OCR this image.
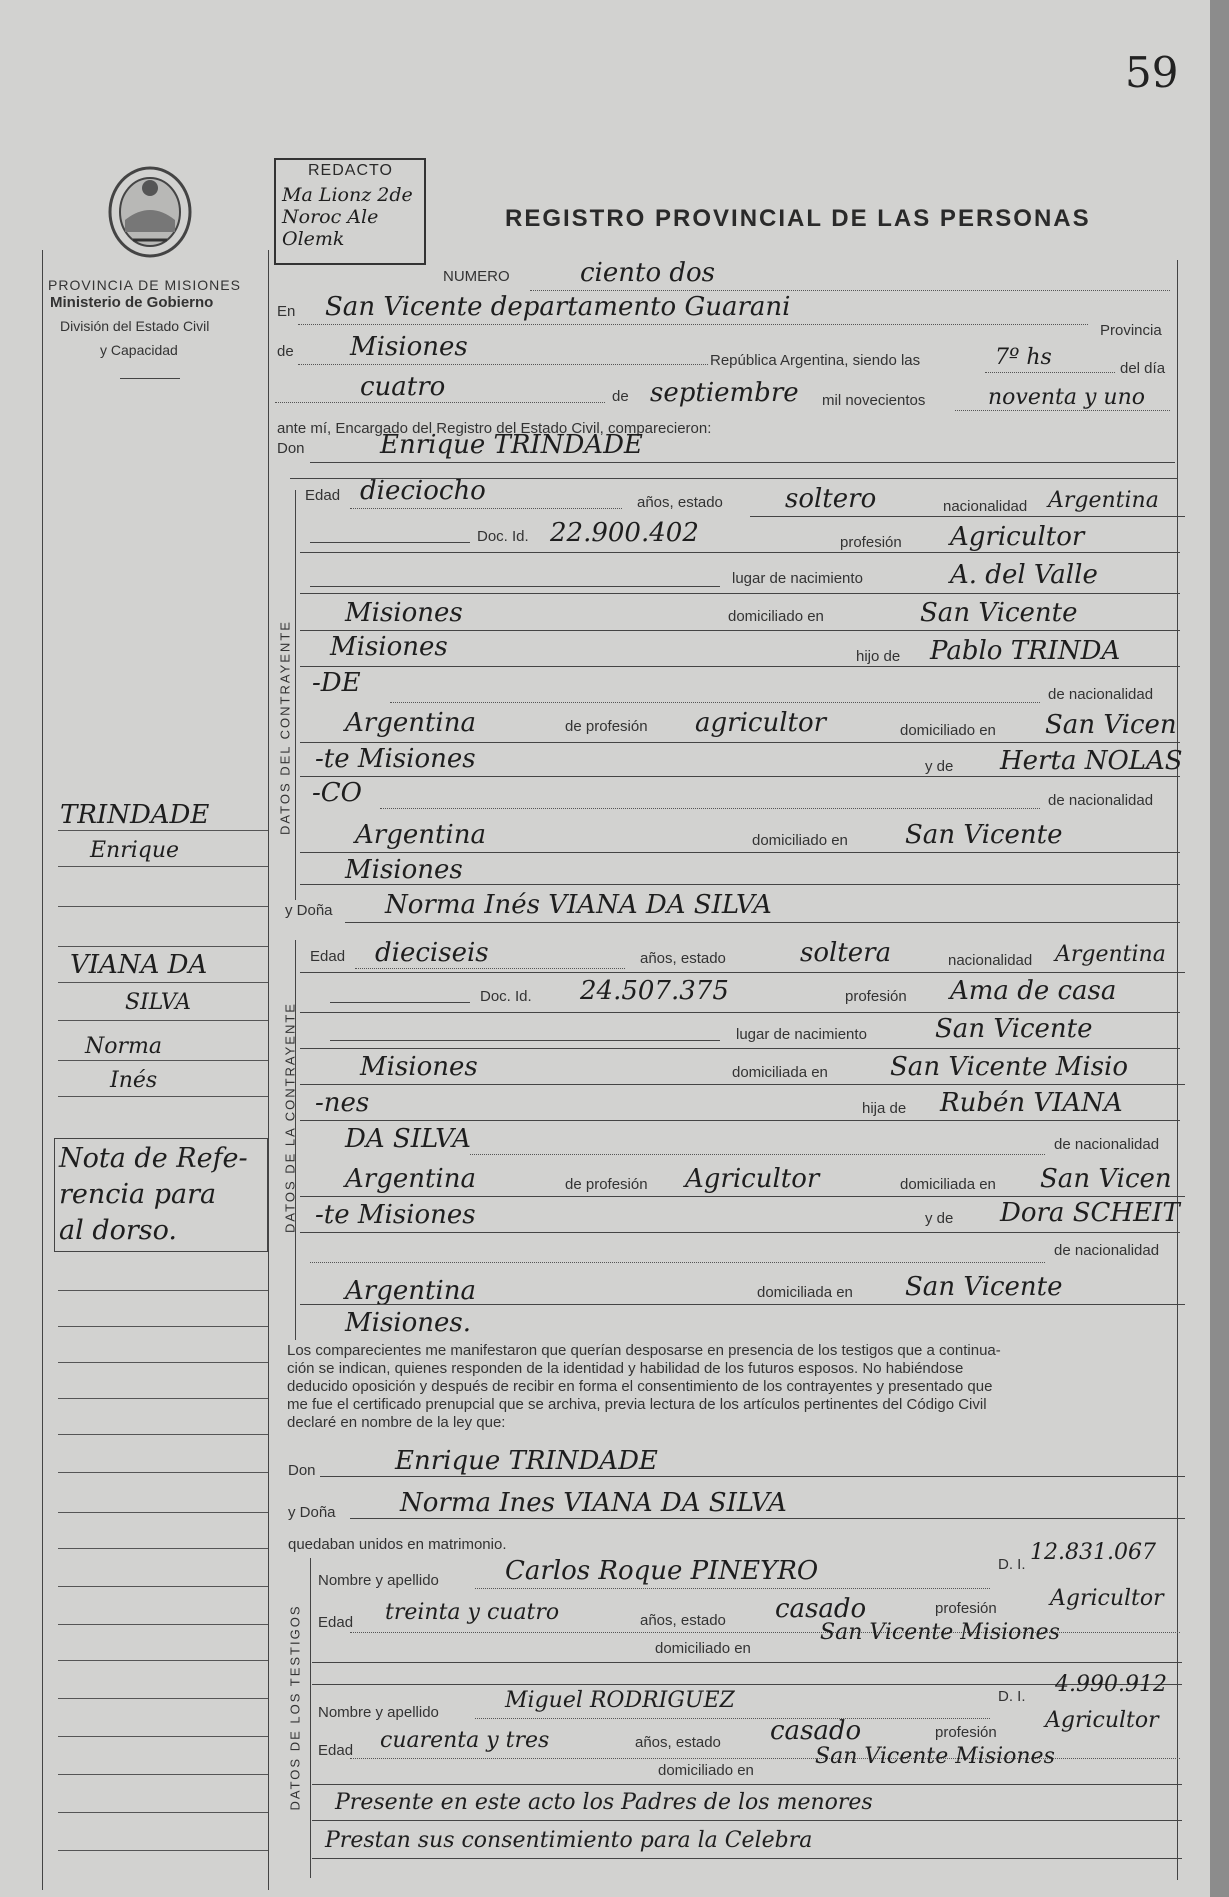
59
REDACTO
Ma Lionz 2de Noroc Ale Olemk
PROVINCIA DE MISIONES
Ministerio de Gobierno
División del Estado Civil
y Capacidad
REGISTRO PROVINCIAL DE LAS PERSONAS
NUMERO	ciento dos
En San Vicente departamento Guarani
Provincia
de Misiones	República Argentina, siendo las	7º hs	del día
cuatro	de septiembre mil novecientos	noventa y uno
ante mí, Encargado del Registro del Estado Civil, comparecieron:
Don	Enrique TRINDADE
DATOS DEL CONTRAYENTE
Edad dieciocho	años, estado soltero	nacionalidad Argentina
Doc. Id. 22.900.402	profesión Agricultor
lugar de nacimiento	A. del Valle
Misiones	domiciliado en	San Vicente
Misiones	hijo de Pablo TRINDA
-DE	de nacionalidad
Argentina	de profesión agricultor	domiciliado en San Vicen
-te Misiones	y de Herta NOLAS
-CO	de nacionalidad
Argentina	domiciliado en San Vicente
Misiones
y Doña Norma Inés VIANA DA SILVA
DATOS DE LA CONTRAYENTE
Edad dieciseis	años, estado	soltera	nacionalidad Argentina
Doc. Id. 24.507.375	profesión Ama de casa
lugar de nacimiento	San Vicente
Misiones	domiciliada en San Vicente Misio
-nes	hija de Rubén VIANA
DA SILVA	de nacionalidad
Argentina	de profesión Agricultor	domiciliada en San Vicen
-te Misiones	y de Dora SCHEIT
de nacionalidad
Argentina	domiciliada en San Vicente
Misiones.
Los comparecientes me manifestaron que querían desposarse en presencia de los testigos que a continua-
ción se indican, quienes responden de la identidad y habilidad de los futuros esposos. No habiéndose
deducido oposición y después de recibir en forma el consentimiento de los contrayentes y presentado que
me fue el certificado prenupcial que se archiva, previa lectura de los artículos pertinentes del Código Civil
declaré en nombre de la ley que:
Don	Enrique TRINDADE
y Doña Norma Ines VIANA DA SILVA
quedaban unidos en matrimonio.
DATOS DE LOS TESTIGOS
Nombre y apellido	Carlos Roque PINEYRO	D. I. 12.831.067
Edad treinta y cuatro	años, estado casado	profesión Agricultor
domiciliado en
San Vicente Misiones
Nombre y apellido	Miguel RODRIGUEZ	D. I. 4.990.912
Edad cuarenta y tres	años, estado casado	profesión Agricultor
domiciliado en
San Vicente Misiones
Presente en este acto los Padres de los menores
Prestan sus consentimiento para la Celebra
TRINDADE
Enrique
VIANA DA
SILVA
Norma
Inés
Nota de Refe-
rencia para
al dorso.
